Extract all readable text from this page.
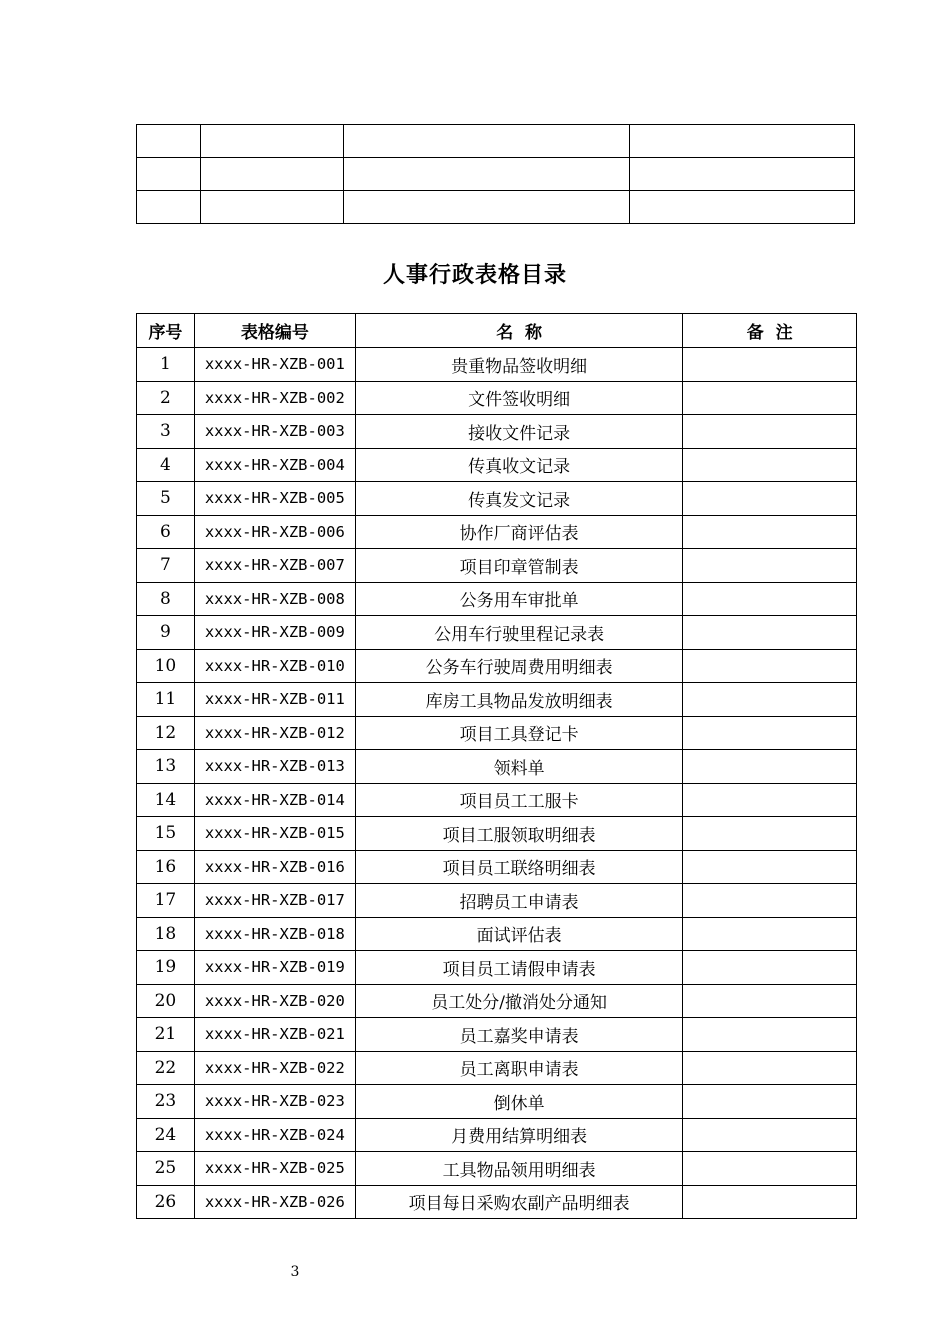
人事行政表格目录
序号	表格编号	名  称	备  注
1	xxxx-HR-XZB-001	贵重物品签收明细	
2	xxxx-HR-XZB-002	文件签收明细	
3	xxxx-HR-XZB-003	接收文件记录	
4	xxxx-HR-XZB-004	传真收文记录	
5	xxxx-HR-XZB-005	传真发文记录	
6	xxxx-HR-XZB-006	协作厂商评估表	
7	xxxx-HR-XZB-007	项目印章管制表	
8	xxxx-HR-XZB-008	公务用车审批单	
9	xxxx-HR-XZB-009	公用车行驶里程记录表	
10	xxxx-HR-XZB-010	公务车行驶周费用明细表	
11	xxxx-HR-XZB-011	库房工具物品发放明细表	
12	xxxx-HR-XZB-012	项目工具登记卡	
13	xxxx-HR-XZB-013	领料单	
14	xxxx-HR-XZB-014	项目员工工服卡	
15	xxxx-HR-XZB-015	项目工服领取明细表	
16	xxxx-HR-XZB-016	项目员工联络明细表	
17	xxxx-HR-XZB-017	招聘员工申请表	
18	xxxx-HR-XZB-018	面试评估表	
19	xxxx-HR-XZB-019	项目员工请假申请表	
20	xxxx-HR-XZB-020	员工处分/撤消处分通知	
21	xxxx-HR-XZB-021	员工嘉奖申请表	
22	xxxx-HR-XZB-022	员工离职申请表	
23	xxxx-HR-XZB-023	倒休单	
24	xxxx-HR-XZB-024	月费用结算明细表	
25	xxxx-HR-XZB-025	工具物品领用明细表	
26	xxxx-HR-XZB-026	项目每日采购农副产品明细表	
3
